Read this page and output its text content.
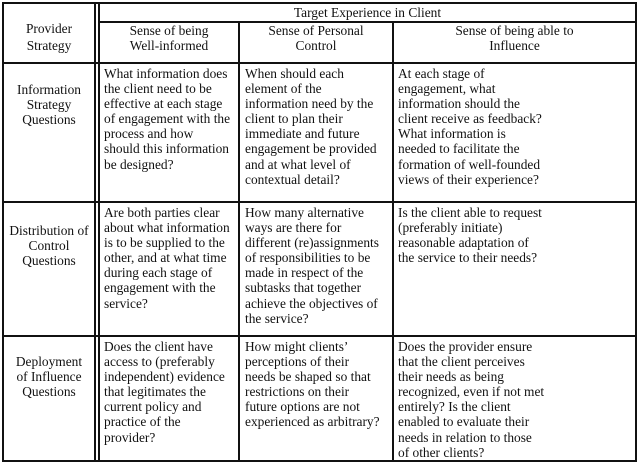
Provider
Strategy
Target Experience in Client
Sense of being
Well-informed
Sense of Personal
Control
Sense of being able to
Influence
Information
Strategy
Questions
Distribution of
Control
Questions
Deployment
of Influence
Questions
What information does
the client need to be
effective at each stage
of engagement with the
process and how
should this information
be designed?
When should each
element of the
information need by the
client to plan their
immediate and future
engagement be provided
and at what level of
contextual detail?
At each stage of
engagement, what
information should the
client receive as feedback?
What information is
needed to facilitate the
formation of well-founded
views of their experience?
Are both parties clear
about what information
is to be supplied to the
other, and at what time
during each stage of
engagement with the
service?
How many alternative
ways are there for
different (re)assignments
of responsibilities to be
made in respect of the
subtasks that together
achieve the objectives of
the service?
Is the client able to request
(preferably initiate)
reasonable adaptation of
the service to their needs?
Does the client have
access to (preferably
independent) evidence
that legitimates the
current policy and
practice of the
provider?
How might clients’
perceptions of their
needs be shaped so that
restrictions on their
future options are not
experienced as arbitrary?
Does the provider ensure
that the client perceives
their needs as being
recognized, even if not met
entirely? Is the client
enabled to evaluate their
needs in relation to those
of other clients?
